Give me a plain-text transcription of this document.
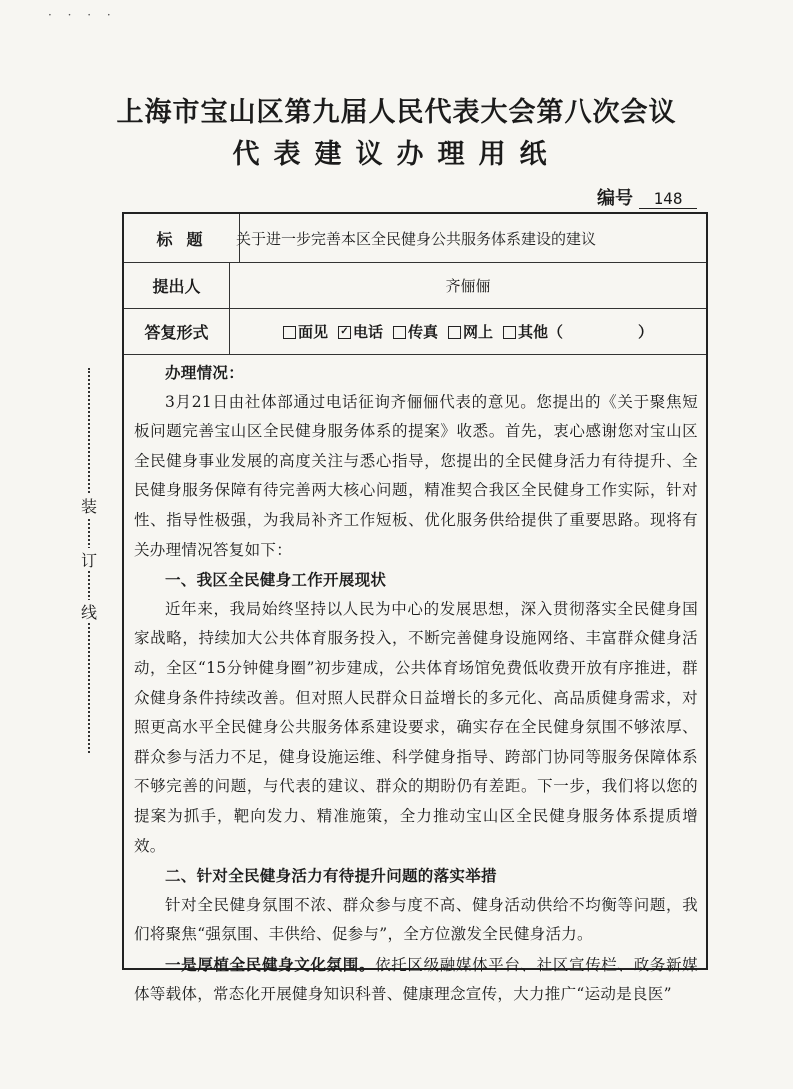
· · · ·
上海市宝山区第九届人民代表大会第八次会议
代表建议办理用纸
编号 148
装
订
线
标题	关于进一步完善本区全民健身公共服务体系建设的建议
提出人	齐俪俪
答复形式	面见 ✓ 电话 传真 网上 其他（　　　　　）

办理情况：

3月21日由社体部通过电话征询齐俪俪代表的意见。您提出的《关于聚焦短板问题完善宝山区全民健身服务体系的提案》收悉。首先，衷心感谢您对宝山区全民健身事业发展的高度关注与悉心指导，您提出的全民健身活力有待提升、全民健身服务保障有待完善两大核心问题，精准契合我区全民健身工作实际，针对性、指导性极强，为我局补齐工作短板、优化服务供给提供了重要思路。现将有关办理情况答复如下：

一、我区全民健身工作开展现状

近年来，我局始终坚持以人民为中心的发展思想，深入贯彻落实全民健身国家战略，持续加大公共体育服务投入，不断完善健身设施网络、丰富群众健身活动，全区“15分钟健身圈”初步建成，公共体育场馆免费低收费开放有序推进，群众健身条件持续改善。但对照人民群众日益增长的多元化、高品质健身需求，对照更高水平全民健身公共服务体系建设要求，确实存在全民健身氛围不够浓厚、群众参与活力不足，健身设施运维、科学健身指导、跨部门协同等服务保障体系不够完善的问题，与代表的建议、群众的期盼仍有差距。下一步，我们将以您的提案为抓手，靶向发力、精准施策，全力推动宝山区全民健身服务体系提质增效。

二、针对全民健身活力有待提升问题的落实举措

针对全民健身氛围不浓、群众参与度不高、健身活动供给不均衡等问题，我们将聚焦“强氛围、丰供给、促参与”，全方位激发全民健身活力。

一是厚植全民健身文化氛围。依托区级融媒体平台、社区宣传栏、政务新媒体等载体，常态化开展健身知识科普、健康理念宣传，大力推广“运动是良医”
